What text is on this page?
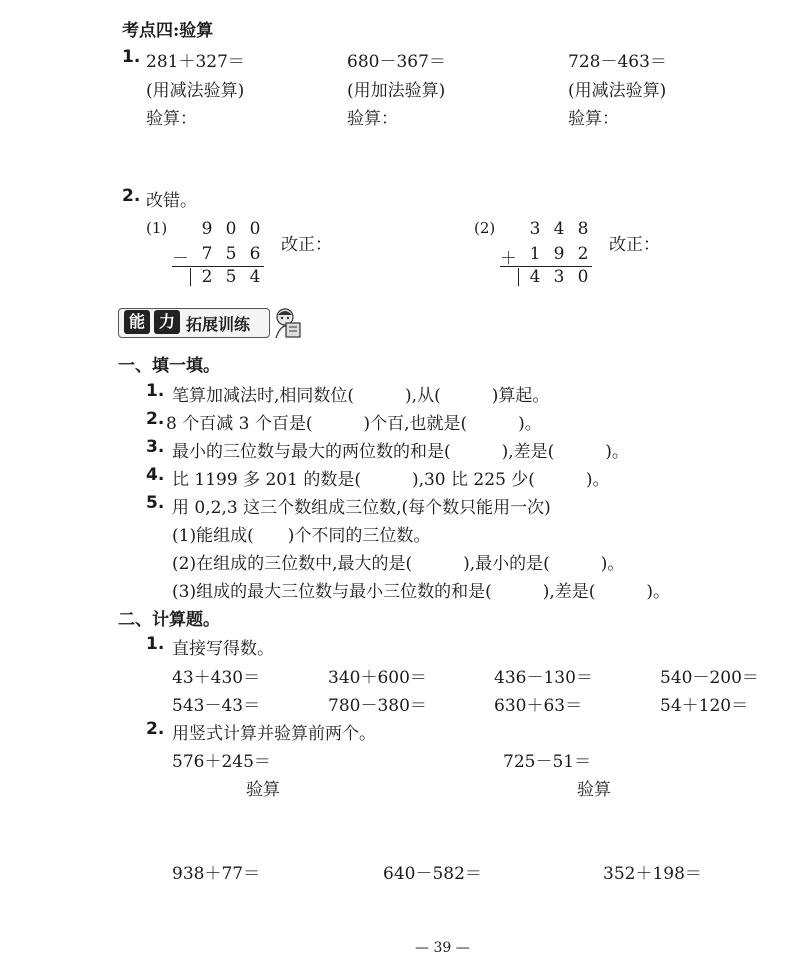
考点四:验算
1. 281＋327＝
(用减法验算)
验算：
680－367＝
(用加法验算)
验算：
728－463＝
(用减法验算)
验算：
2. 改错。
(1)	9 0 0
－ 7 5 6
2 5 4
改正：
(2)	3 4 8
＋ 1 9 2
4 3 0
改正：
能 力 拓展训练
一、填一填。
1. 笔算加减法时,相同数位(　　　),从(　　　)算起。
2. 8 个百减 3 个百是(　　　)个百,也就是(　　　)。
3. 最小的三位数与最大的两位数的和是(　　　),差是(　　　)。
4. 比 1199 多 201 的数是(　　　),30 比 225 少(　　　)。
5. 用 0,2,3 这三个数组成三位数,(每个数只能用一次)
(1)能组成(　　)个不同的三位数。
(2)在组成的三位数中,最大的是(　　　),最小的是(　　　)。
(3)组成的最大三位数与最小三位数的和是(　　　),差是(　　　)。
二、计算题。
1. 直接写得数。
43＋430＝	340＋600＝	436－130＝	540－200＝
543－43＝	780－380＝	630＋63＝	54＋120＝
2. 用竖式计算并验算前两个。
576＋245＝	725－51＝
验算	验算
938＋77＝	640－582＝	352＋198＝
— 39 —
